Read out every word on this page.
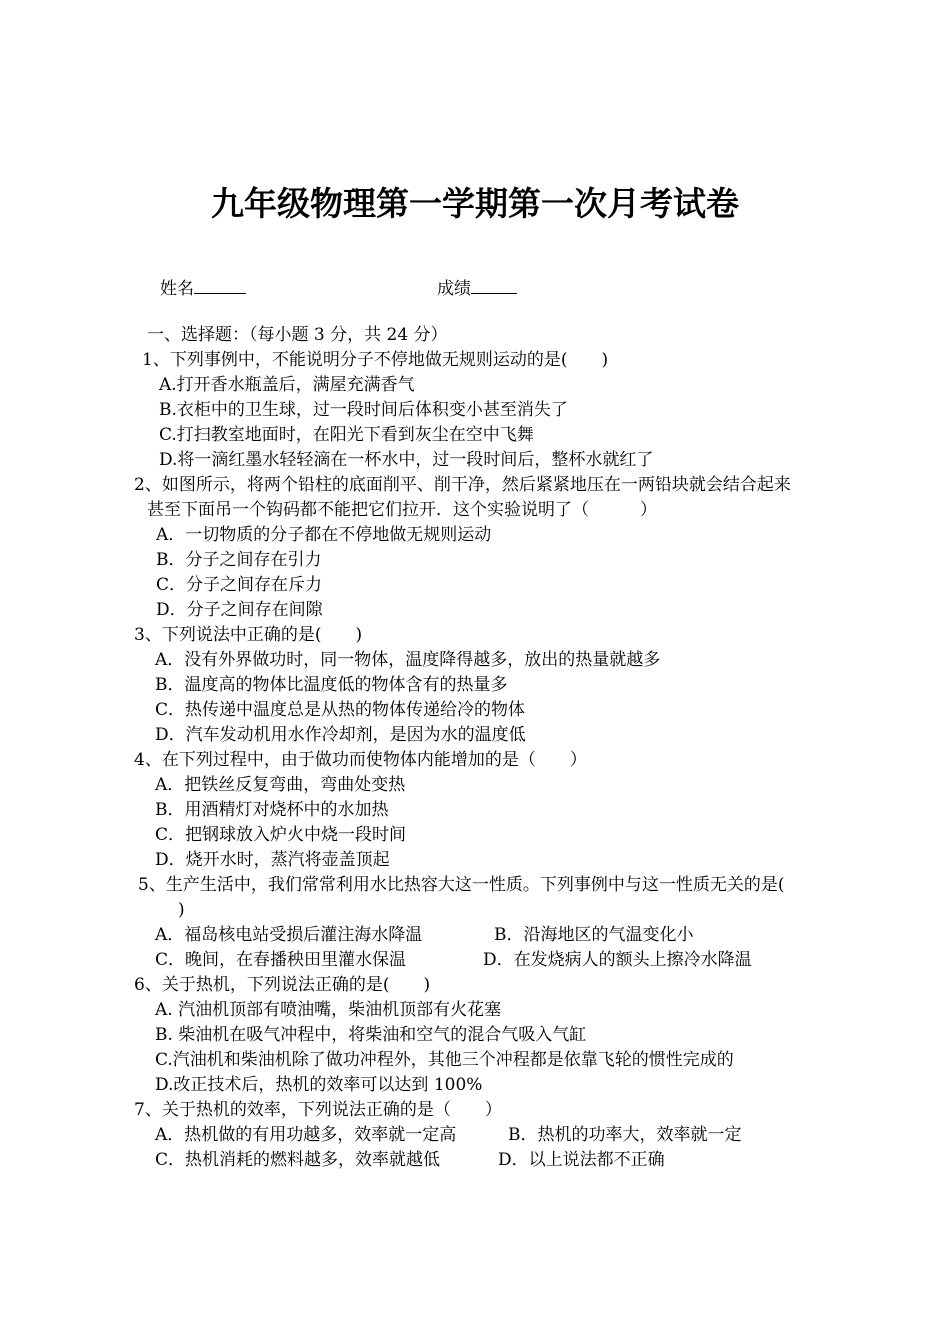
九年级物理第一学期第一次月考试卷
姓名	成绩
一、选择题：（每小题 3 分，共 24 分）
1、下列事例中，不能说明分子不停地做无规则运动的是(　　)
A.打开香水瓶盖后，满屋充满香气
B.衣柜中的卫生球，过一段时间后体积变小甚至消失了
C.打扫教室地面时，在阳光下看到灰尘在空中飞舞
D.将一滴红墨水轻轻滴在一杯水中，过一段时间后，整杯水就红了
2、如图所示，将两个铅柱的底面削平、削干净，然后紧紧地压在一两铅块就会结合起来
甚至下面吊一个钩码都不能把它们拉开．这个实验说明了（　　　）
A．一切物质的分子都在不停地做无规则运动
B．分子之间存在引力
C．分子之间存在斥力
D．分子之间存在间隙
3、下列说法中正确的是(　　)
A．没有外界做功时，同一物体，温度降得越多，放出的热量就越多
B．温度高的物体比温度低的物体含有的热量多
C．热传递中温度总是从热的物体传递给冷的物体
D．汽车发动机用水作冷却剂，是因为水的温度低
4、在下列过程中，由于做功而使物体内能增加的是（　　）
A．把铁丝反复弯曲，弯曲处变热
B．用酒精灯对烧杯中的水加热
C．把钢球放入炉火中烧一段时间
D．烧开水时，蒸汽将壶盖顶起
5、生产生活中，我们常常利用水比热容大这一性质。下列事例中与这一性质无关的是(
)
A．福岛核电站受损后灌注海水降温	B．沿海地区的气温变化小
C．晚间，在春播秧田里灌水保温	D．在发烧病人的额头上擦冷水降温
6、关于热机，下列说法正确的是(　　)
A. 汽油机顶部有喷油嘴，柴油机顶部有火花塞
B. 柴油机在吸气冲程中，将柴油和空气的混合气吸入气缸
C.汽油机和柴油机除了做功冲程外，其他三个冲程都是依靠飞轮的惯性完成的
D.改正技术后，热机的效率可以达到 100%
7、关于热机的效率，下列说法正确的是（　　）
A．热机做的有用功越多，效率就一定高	B．热机的功率大，效率就一定
C．热机消耗的燃料越多，效率就越低	D．以上说法都不正确
